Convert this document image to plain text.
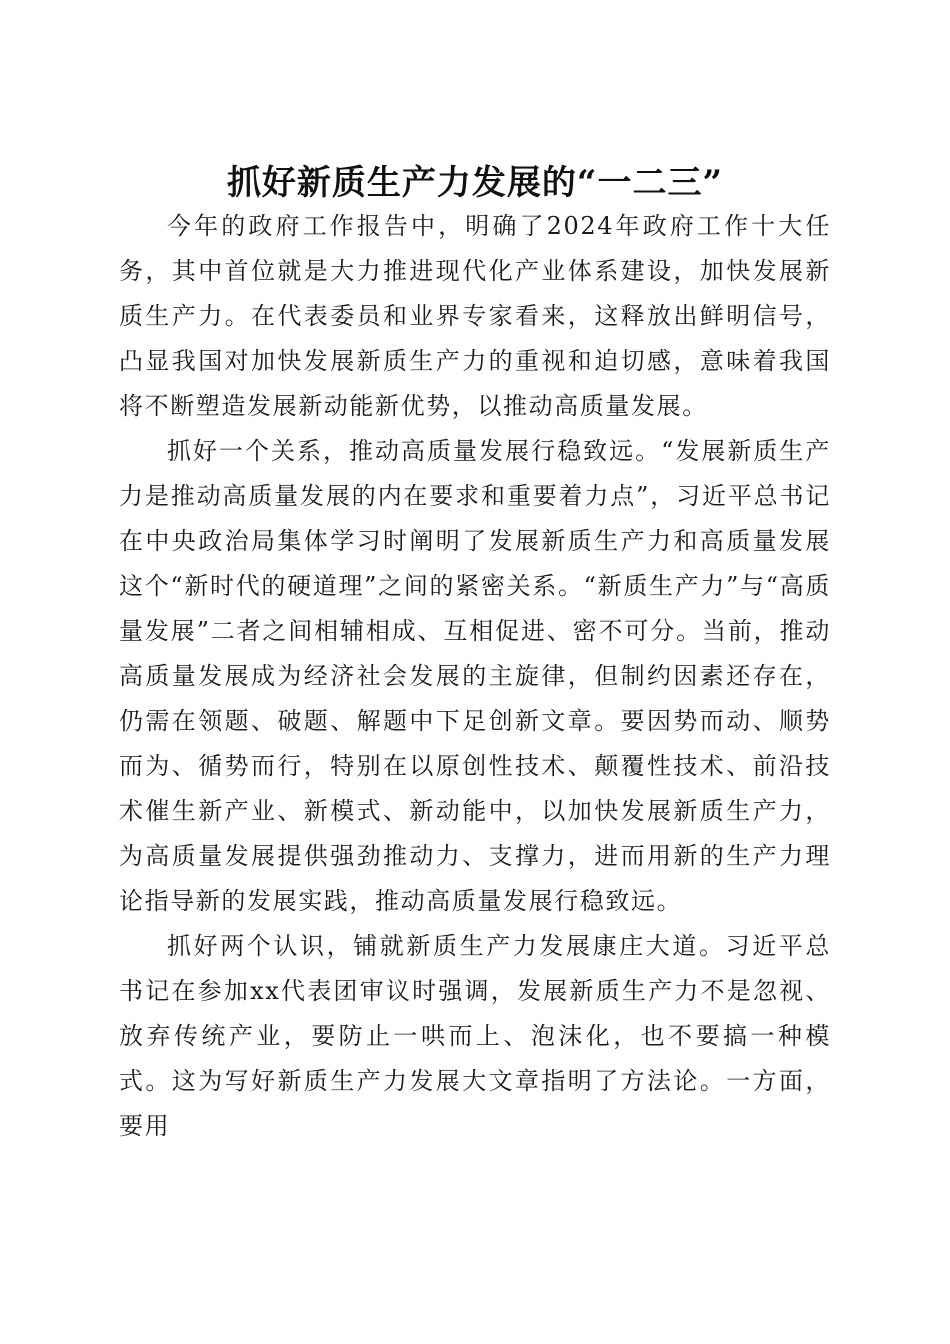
抓好新质生产力发展的“一二三”

今年的政府工作报告中，明确了2024年政府工作十大任务，其中首位就是大力推进现代化产业体系建设，加快发展新质生产力。在代表委员和业界专家看来，这释放出鲜明信号，凸显我国对加快发展新质生产力的重视和迫切感，意味着我国将不断塑造发展新动能新优势，以推动高质量发展。

抓好一个关系，推动高质量发展行稳致远。“发展新质生产力是推动高质量发展的内在要求和重要着力点”，习近平总书记在中央政治局集体学习时阐明了发展新质生产力和高质量发展这个“新时代的硬道理”之间的紧密关系。“新质生产力”与“高质量发展”二者之间相辅相成、互相促进、密不可分。当前，推动高质量发展成为经济社会发展的主旋律，但制约因素还存在，仍需在领题、破题、解题中下足创新文章。要因势而动、顺势而为、循势而行，特别在以原创性技术、颠覆性技术、前沿技术催生新产业、新模式、新动能中，以加快发展新质生产力，为高质量发展提供强劲推动力、支撑力，进而用新的生产力理论指导新的发展实践，推动高质量发展行稳致远。

抓好两个认识，铺就新质生产力发展康庄大道。习近平总书记在参加xx代表团审议时强调，发展新质生产力不是忽视、放弃传统产业，要防止一哄而上、泡沫化，也不要搞一种模式。这为写好新质生产力发展大文章指明了方法论。一方面，要用
